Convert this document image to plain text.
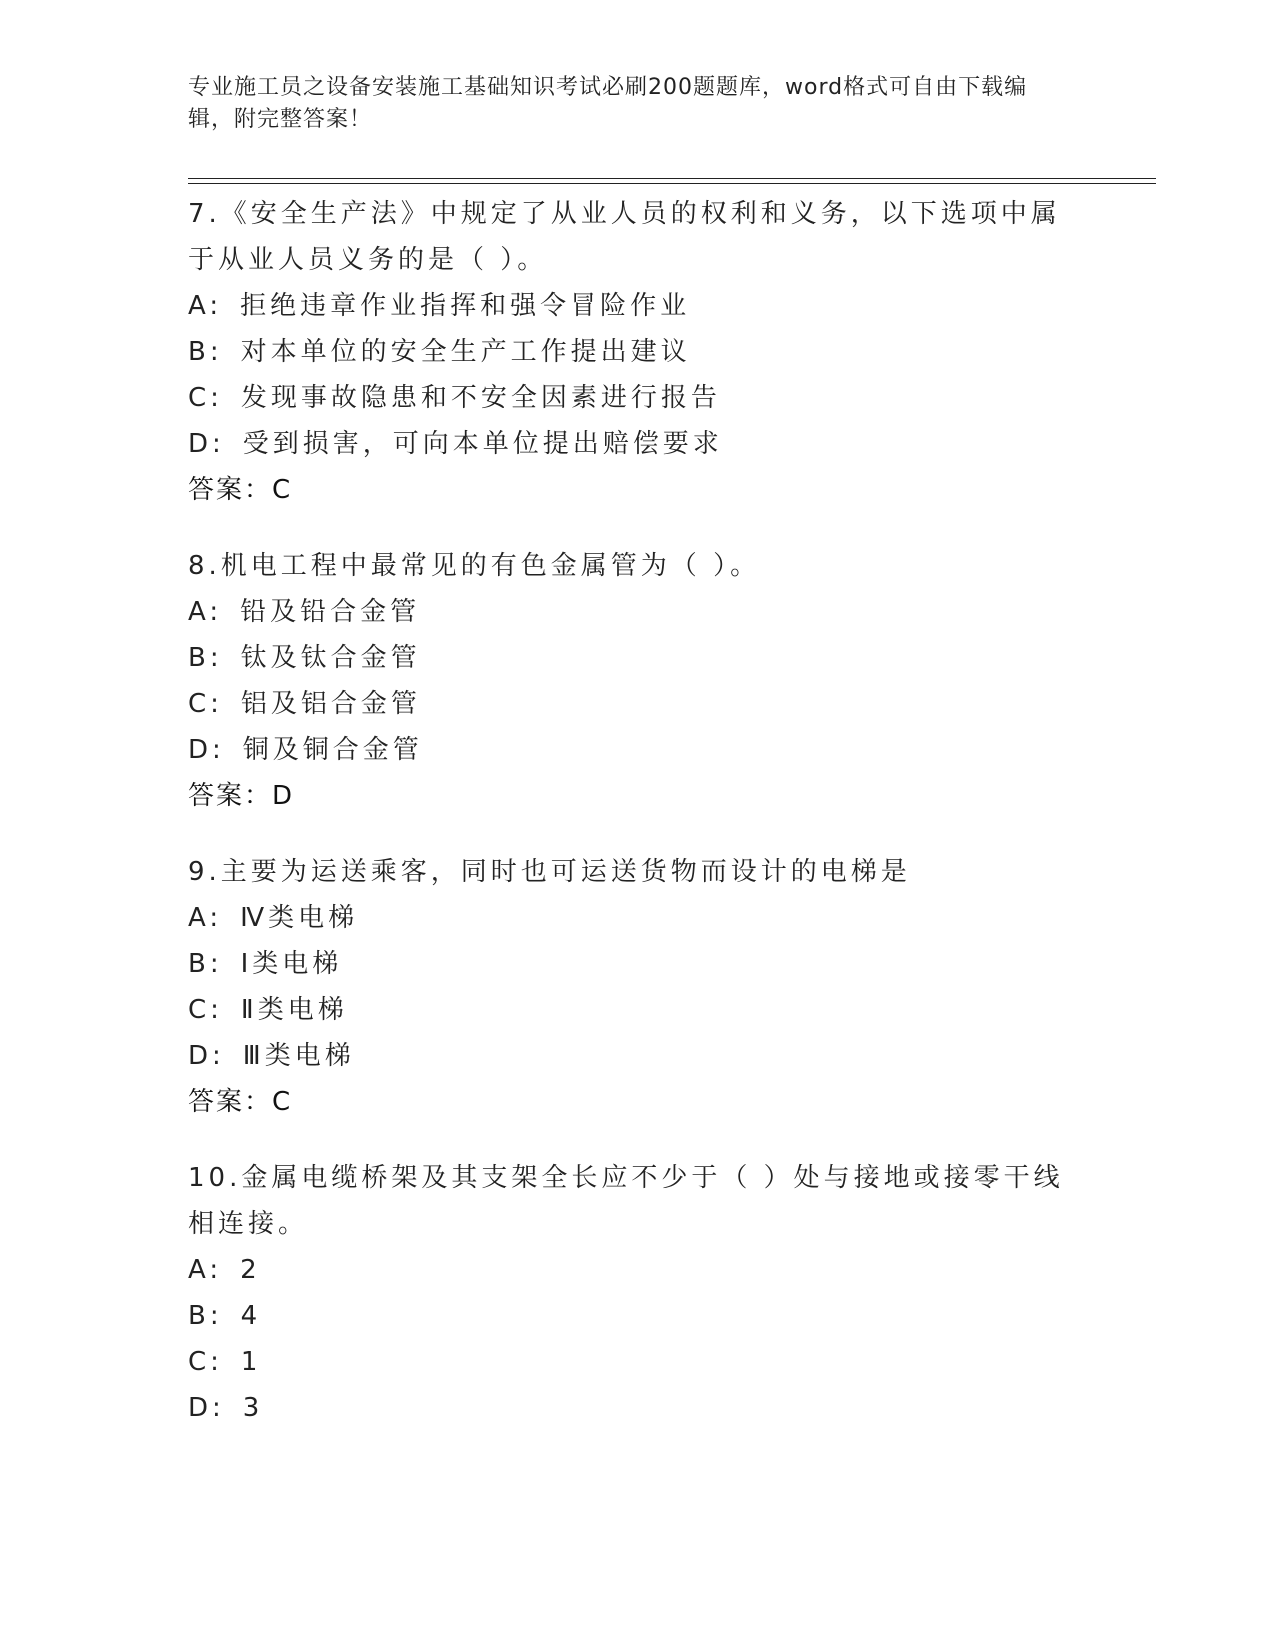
专业施工员之设备安装施工基础知识考试必刷200题题库，word格式可自由下载编辑，附完整答案！
7.《安全生产法》中规定了从业人员的权利和义务，以下选项中属于从业人员义务的是（ ）。
A: 拒绝违章作业指挥和强令冒险作业
B: 对本单位的安全生产工作提出建议
C: 发现事故隐患和不安全因素进行报告
D: 受到损害，可向本单位提出赔偿要求
答案：C
8.机电工程中最常见的有色金属管为（ ）。
A: 铅及铅合金管
B: 钛及钛合金管
C: 铝及铝合金管
D: 铜及铜合金管
答案：D
9.主要为运送乘客，同时也可运送货物而设计的电梯是
A: Ⅳ类电梯
B: Ⅰ类电梯
C: Ⅱ类电梯
D: Ⅲ类电梯
答案：C
10.金属电缆桥架及其支架全长应不少于（ ）处与接地或接零干线相连接。
A: 2
B: 4
C: 1
D: 3
